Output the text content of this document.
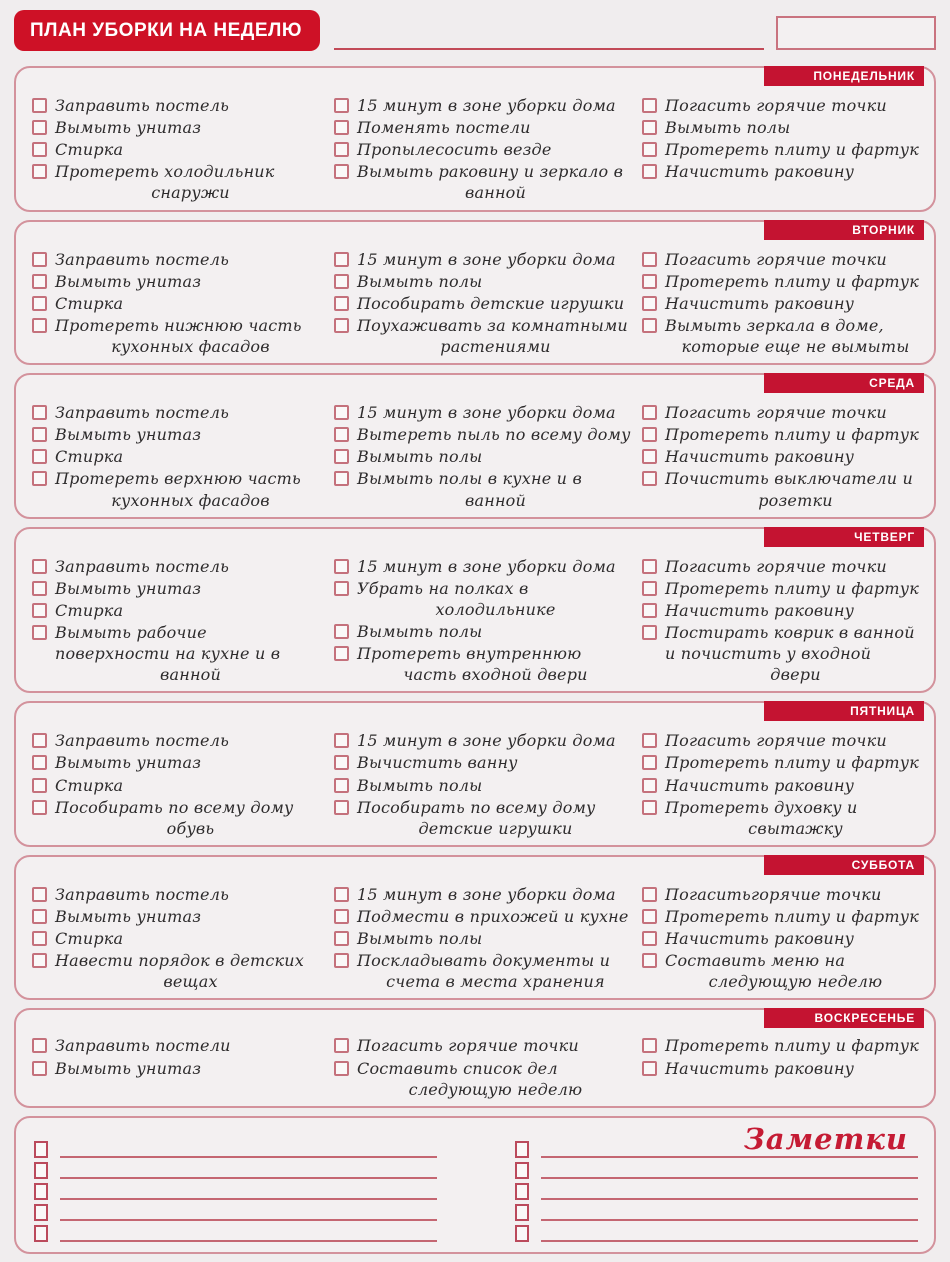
ПЛАН УБОРКИ НА НЕДЕЛЮ
ПОНЕДЕЛЬНИК
Заправить постель
Вымыть унитаз
Стирка
Протереть холодильник снаружи
15 минут в зоне уборки дома
Поменять постели
Пропылесосить везде
Вымыть раковину и зеркало в ванной
Погасить горячие точки
Вымыть полы
Протереть плиту и фартук
Начистить раковину
ВТОРНИК
Заправить постель
Вымыть унитаз
Стирка
Протереть нижнюю часть кухонных фасадов
15 минут в зоне уборки дома
Вымыть полы
Пособирать детские игрушки
Поухаживать за комнатными растениями
Погасить горячие точки
Протереть плиту и фартук
Начистить раковину
Вымыть зеркала в доме, которые еще не вымыты
СРЕДА
Заправить постель
Вымыть унитаз
Стирка
Протереть верхнюю часть кухонных фасадов
15 минут в зоне уборки дома
Вытереть пыль по всему дому
Вымыть полы
Вымыть полы в кухне и в ванной
Погасить горячие точки
Протереть плиту и фартук
Начистить раковину
Почистить выключатели и розетки
ЧЕТВЕРГ
Заправить постель
Вымыть унитаз
Стирка
Вымыть рабочие поверхности на кухне и в ванной
15 минут в зоне уборки дома
Убрать на полках в холодильнике
Вымыть полы
Протереть внутреннюю часть входной двери
Погасить горячие точки
Протереть плиту и фартук
Начистить раковину
Постирать коврик в ванной и почистить у входной двери
ПЯТНИЦА
Заправить постель
Вымыть унитаз
Стирка
Пособирать по всему дому обувь
15 минут в зоне уборки дома
Вычистить ванну
Вымыть полы
Пособирать по всему дому детские игрушки
Погасить горячие точки
Протереть плиту и фартук
Начистить раковину
Протереть духовку и свытажку
СУББОТА
Заправить постель
Вымыть унитаз
Стирка
Навести порядок в детских вещах
15 минут в зоне уборки дома
Подмести в прихожей и кухне
Вымыть полы
Поскладывать документы и счета в места хранения
Погаситьгорячие точки
Протереть плиту и фартук
Начистить раковину
Составить меню на следующую неделю
ВОСКРЕСЕНЬЕ
Заправить постели
Вымыть унитаз
Погасить горячие точки
Составить список дел следующую неделю
Протереть плиту и фартук
Начистить раковину
Заметки
